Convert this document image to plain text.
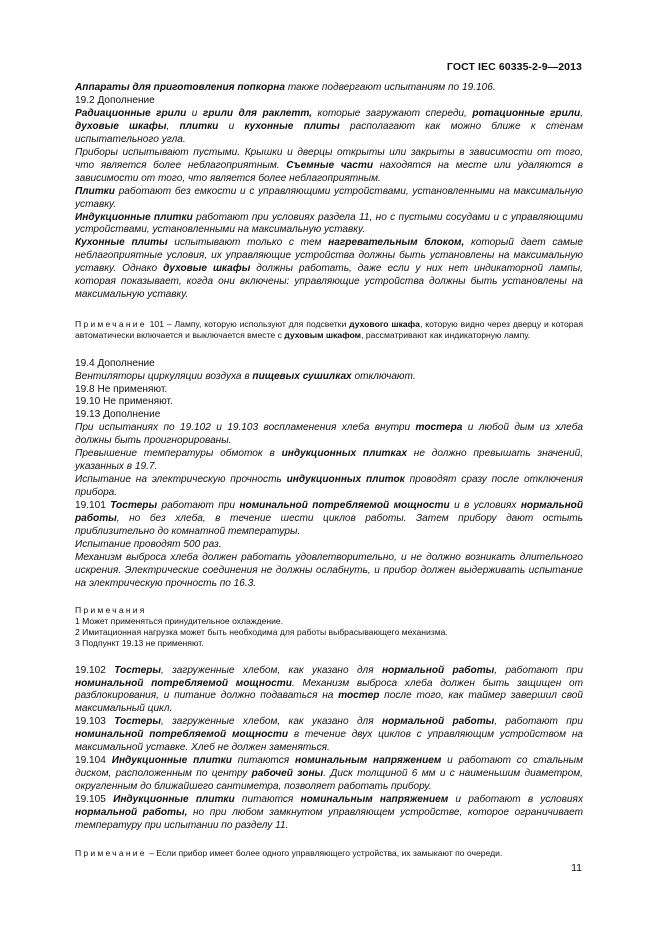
ГОСТ IEC 60335-2-9—2013

Аппараты для приготовления попкорна также подвергают испытаниям по 19.106.

19.2 Дополнение

Радиационные грили и грили для раклетт, которые загружают спереди, ротационные грили, духовые шкафы, плитки и кухонные плиты располагают как можно ближе к стенам испытательного угла.

Приборы испытывают пустыми. Крышки и дверцы открыты или закрыты в зависимости от того, что является более неблагоприятным. Съемные части находятся на месте или удаляются в зависимости от того, что является более неблагоприятным.

Плитки работают без емкости и с управляющими устройствами, установленными на максимальную уставку.

Индукционные плитки работают при условиях раздела 11, но с пустыми сосудами и с управляющими устройствами, установленными на максимальную уставку.

Кухонные плиты испытывают только с тем нагревательным блоком, который дает самые неблагоприятные условия, их управляющие устройства должны быть установлены на максимальную уставку. Однако духовые шкафы должны работать, даже если у них нет индикаторной лампы, которая показывает, когда они включены: управляющие устройства должны быть установлены на максимальную уставку.

Примечание 101 – Лампу, которую используют для подсветки духового шкафа, которую видно через дверцу и которая автоматически включается и выключается вместе с духовым шкафом, рассматривают как индикаторную лампу.

19.4 Дополнение

Вентиляторы циркуляции воздуха в пищевых сушилках отключают.

19.8 Не применяют.

19.10 Не применяют.

19.13 Дополнение

При испытаниях по 19.102 и 19.103 воспламенения хлеба внутри тостера и любой дым из хлеба должны быть проигнорированы.

Превышение температуры обмоток в индукционных плитках не должно превышать значений, указанных в 19.7.

Испытание на электрическую прочность индукционных плиток проводят сразу после отключения прибора.

19.101 Тостеры работают при номинальной потребляемой мощности и в условиях нормальной работы, но без хлеба, в течение шести циклов работы. Затем прибору дают остыть приблизительно до комнатной температуры.

Испытание проводят 500 раз.

Механизм выброса хлеба должен работать удовлетворительно, и не должно возникать длительного искрения. Электрические соединения не должны ослабнуть, и прибор должен выдерживать испытание на электрическую прочность по 16.3.

Примечания

1 Может применяться принудительное охлаждение.

2 Имитационная нагрузка может быть необходима для работы выбрасывающего механизма.

3 Подпункт 19.13 не применяют.

19.102 Тостеры, загруженные хлебом, как указано для нормальной работы, работают при номинальной потребляемой мощности. Механизм выброса хлеба должен быть защищен от разблокирования, и питание должно подаваться на тостер после того, как таймер завершил свой максимальный цикл.

19.103 Тостеры, загруженные хлебом, как указано для нормальной работы, работают при номинальной потребляемой мощности в течение двух циклов с управляющим устройством на максимальной уставке. Хлеб не должен заменяться.

19.104 Индукционные плитки питаются номинальным напряжением и работают со стальным диском, расположенным по центру рабочей зоны. Диск толщиной 6 мм и с наименьшим диаметром, округленным до ближайшего сантиметра, позволяет работать прибору.

19.105 Индукционные плитки питаются номинальным напряжением и работают в условиях нормальной работы, но при любом замкнутом управляющем устройстве, которое ограничивает температуру при испытании по разделу 11.

Примечание – Если прибор имеет более одного управляющего устройства, их замыкают по очереди.

11
